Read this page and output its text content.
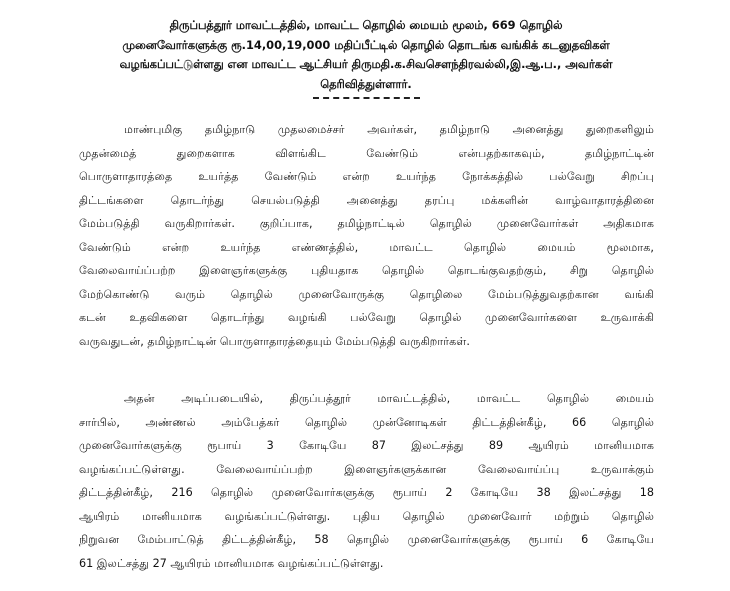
திருப்பத்தூர் மாவட்டத்தில், மாவட்ட தொழில் மையம் மூலம், 669 தொழில்
முனைவோர்களுக்கு ரூ.14,00,19,000 மதிப்பீட்டில் தொழில் தொடங்க வங்கிக் கடனுதவிகள்
வழங்கப்பட்டுள்ளது என மாவட்ட ஆட்சியர் திருமதி.க.சிவசௌந்திரவல்லி,இ.ஆ.ப., அவர்கள்
தெரிவித்துள்ளார்.
மாண்புமிகு தமிழ்நாடு முதலமைச்சர் அவர்கள், தமிழ்நாடு அனைத்து துறைகளிலும்
முதன்மைத் துறைகளாக விளங்கிட வேண்டும் என்பதற்காகவும், தமிழ்நாட்டின்
பொருளாதாரத்தை உயர்த்த வேண்டும் என்ற உயர்ந்த நோக்கத்தில் பல்வேறு சிறப்பு
திட்டங்களை தொடர்ந்து செயல்படுத்தி அனைத்து தரப்பு மக்களின் வாழ்வாதாரத்தினை
மேம்படுத்தி வருகிறார்கள். குறிப்பாக, தமிழ்நாட்டில் தொழில் முனைவோர்கள் அதிகமாக
வேண்டும் என்ற உயர்ந்த எண்ணத்தில், மாவட்ட தொழில் மையம் மூலமாக,
வேலைவாய்ப்பற்ற இளைஞர்களுக்கு புதியதாக தொழில் தொடங்குவதற்கும், சிறு தொழில்
மேற்கொண்டு வரும் தொழில் முனைவோருக்கு தொழிலை மேம்படுத்துவதற்கான வங்கி
கடன் உதவிகளை தொடர்ந்து வழங்கி பல்வேறு தொழில் முனைவோர்களை உருவாக்கி
வருவதுடன், தமிழ்நாட்டின் பொருளாதாரத்தையும் மேம்படுத்தி வருகிறார்கள்.
அதன் அடிப்படையில், திருப்பத்தூர் மாவட்டத்தில், மாவட்ட தொழில் மையம்
சார்பில், அண்ணல் அம்பேத்கர் தொழில் முன்னோடிகள் திட்டத்தின்கீழ், 66 தொழில்
முனைவோர்களுக்கு ரூபாய் 3 கோடியே 87 இலட்சத்து 89 ஆயிரம் மானியமாக
வழங்கப்பட்டுள்ளது. வேலைவாய்ப்பற்ற இளைஞர்களுக்கான வேலைவாய்ப்பு உருவாக்கும்
திட்டத்தின்கீழ், 216 தொழில் முனைவோர்களுக்கு ரூபாய் 2 கோடியே 38 இலட்சத்து 18
ஆயிரம் மானியமாக வழங்கப்பட்டுள்ளது. புதிய தொழில் முனைவோர் மற்றும் தொழில்
நிறுவன மேம்பாட்டுத் திட்டத்தின்கீழ், 58 தொழில் முனைவோர்களுக்கு ரூபாய் 6 கோடியே
61 இலட்சத்து 27 ஆயிரம் மானியமாக வழங்கப்பட்டுள்ளது.
